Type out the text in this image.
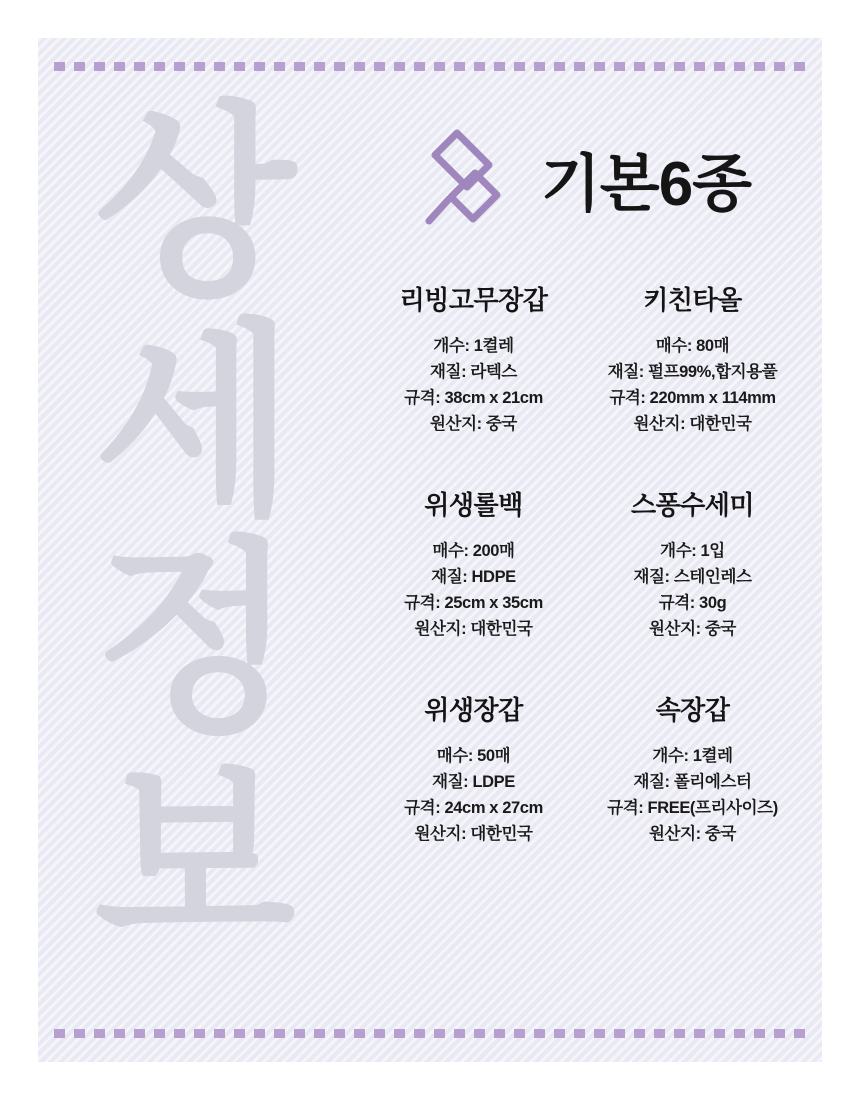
상
세
정
보
기본6종
리빙고무장갑
개수: 1켤레
재질: 라텍스
규격: 38cm x 21cm
원산지: 중국
키친타올
매수: 80매
재질: 펄프99%,합지용풀
규격: 220mm x 114mm
원산지: 대한민국
위생롤백
매수: 200매
재질: HDPE
규격: 25cm x 35cm
원산지: 대한민국
스퐁수세미
개수: 1입
재질: 스테인레스
규격: 30g
원산지: 중국
위생장갑
매수: 50매
재질: LDPE
규격: 24cm x 27cm
원산지: 대한민국
속장갑
개수: 1켤레
재질: 폴리에스터
규격: FREE(프리사이즈)
원산지: 중국
